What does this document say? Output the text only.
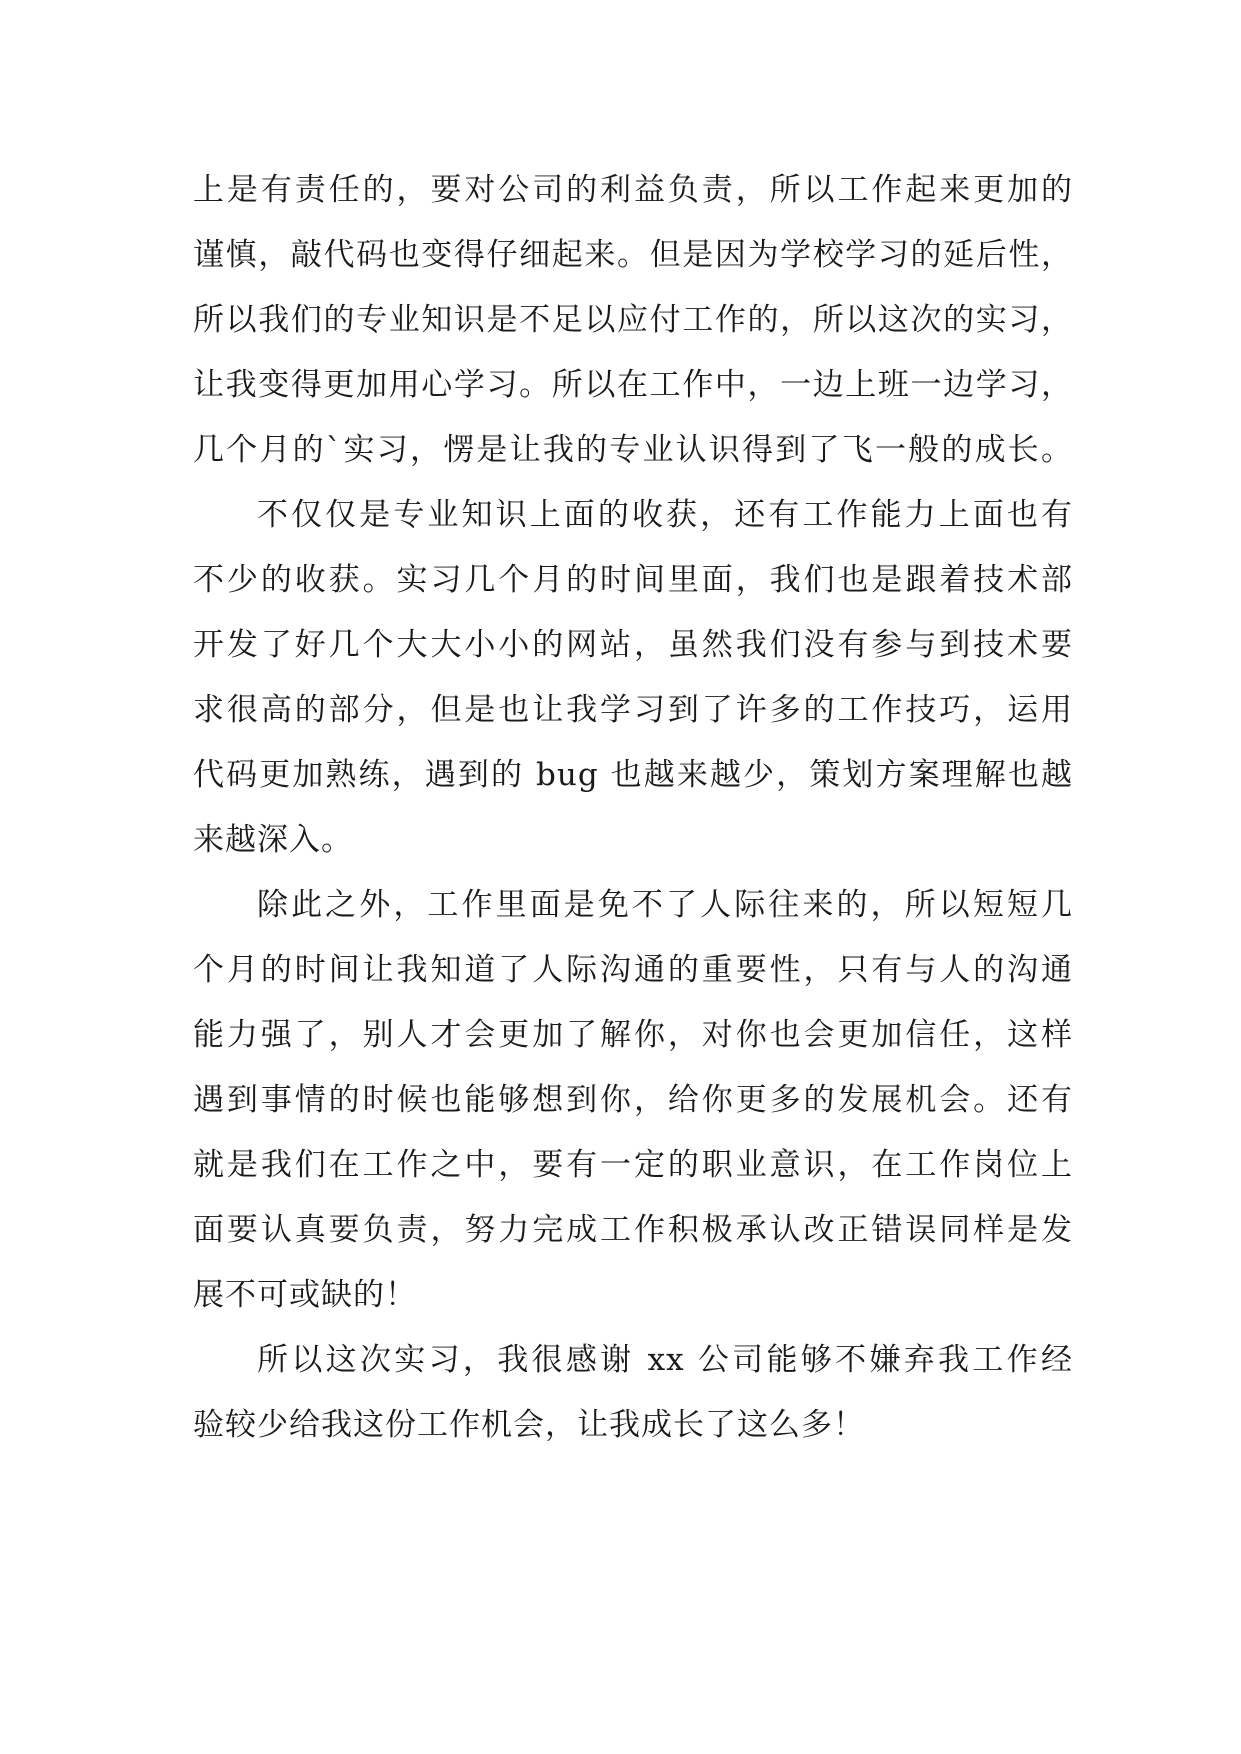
上是有责任的，要对公司的利益负责，所以工作起来更加的
谨慎，敲代码也变得仔细起来。但是因为学校学习的延后性，
所以我们的专业知识是不足以应付工作的，所以这次的实习，
让我变得更加用心学习。所以在工作中，一边上班一边学习，
几个月的`实习，愣是让我的专业认识得到了飞一般的成长。
不仅仅是专业知识上面的收获，还有工作能力上面也有
不少的收获。实习几个月的时间里面，我们也是跟着技术部
开发了好几个大大小小的网站，虽然我们没有参与到技术要
求很高的部分，但是也让我学习到了许多的工作技巧，运用
代码更加熟练，遇到的 bug 也越来越少，策划方案理解也越
来越深入。
除此之外，工作里面是免不了人际往来的，所以短短几
个月的时间让我知道了人际沟通的重要性，只有与人的沟通
能力强了，别人才会更加了解你，对你也会更加信任，这样
遇到事情的时候也能够想到你，给你更多的发展机会。还有
就是我们在工作之中，要有一定的职业意识，在工作岗位上
面要认真要负责，努力完成工作积极承认改正错误同样是发
展不可或缺的！
所以这次实习，我很感谢 xx 公司能够不嫌弃我工作经
验较少给我这份工作机会，让我成长了这么多！
